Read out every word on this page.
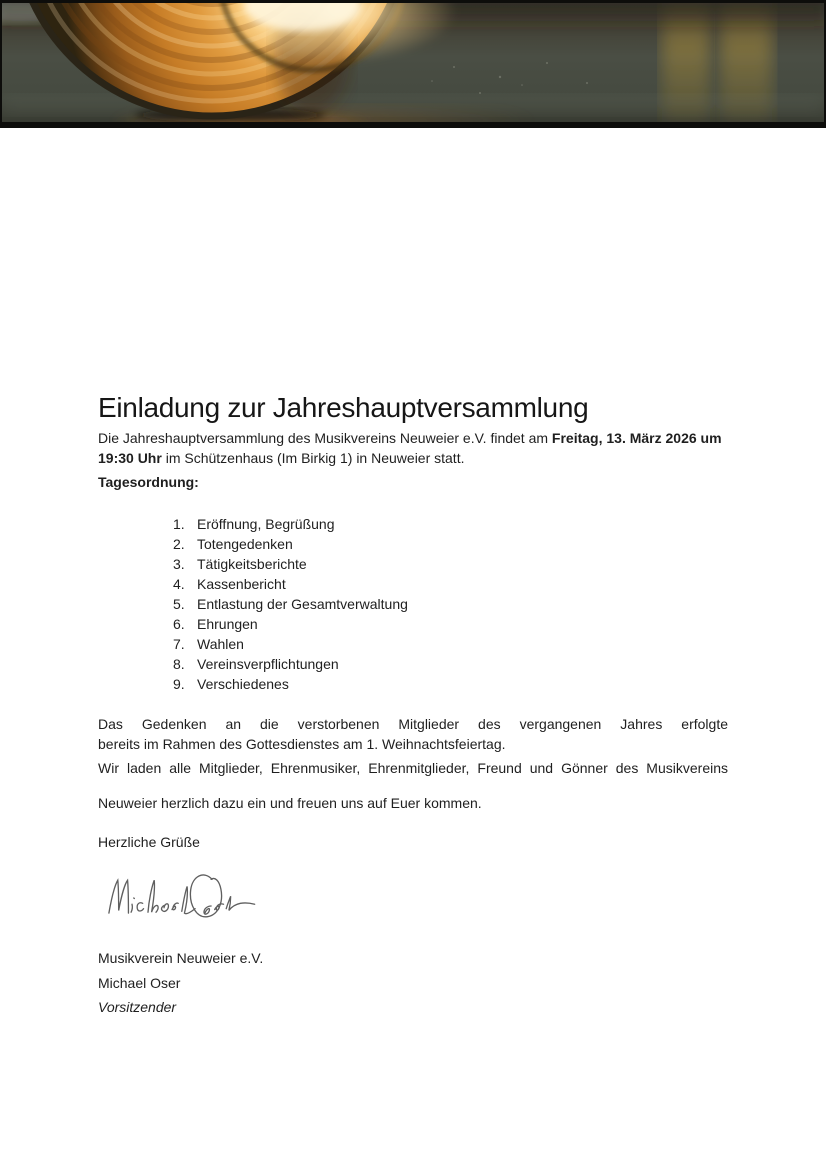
Einladung zur Jahreshauptversammlung

Die Jahreshauptversammlung des Musikvereins Neuweier e.V. findet am Freitag, 13. März 2026 um
19:30 Uhr im Schützenhaus (Im Birkig 1) in Neuweier statt.

Tagesordnung:
1. Eröffnung, Begrüßung
2. Totengedenken
3. Tätigkeitsberichte
4. Kassenbericht
5. Entlastung der Gesamtverwaltung
6. Ehrungen
7. Wahlen
8. Vereinsverpflichtungen
9. Verschiedenes
Das Gedenken an die verstorbenen Mitglieder des vergangenen Jahres erfolgte
bereits im Rahmen des Gottesdienstes am 1. Weihnachtsfeiertag.
Wir laden alle Mitglieder, Ehrenmusiker, Ehrenmitglieder, Freund und Gönner des Musikvereins
Neuweier herzlich dazu ein und freuen uns auf Euer kommen.
Herzliche Grüße
Musikverein Neuweier e.V.
Michael Oser
Vorsitzender
